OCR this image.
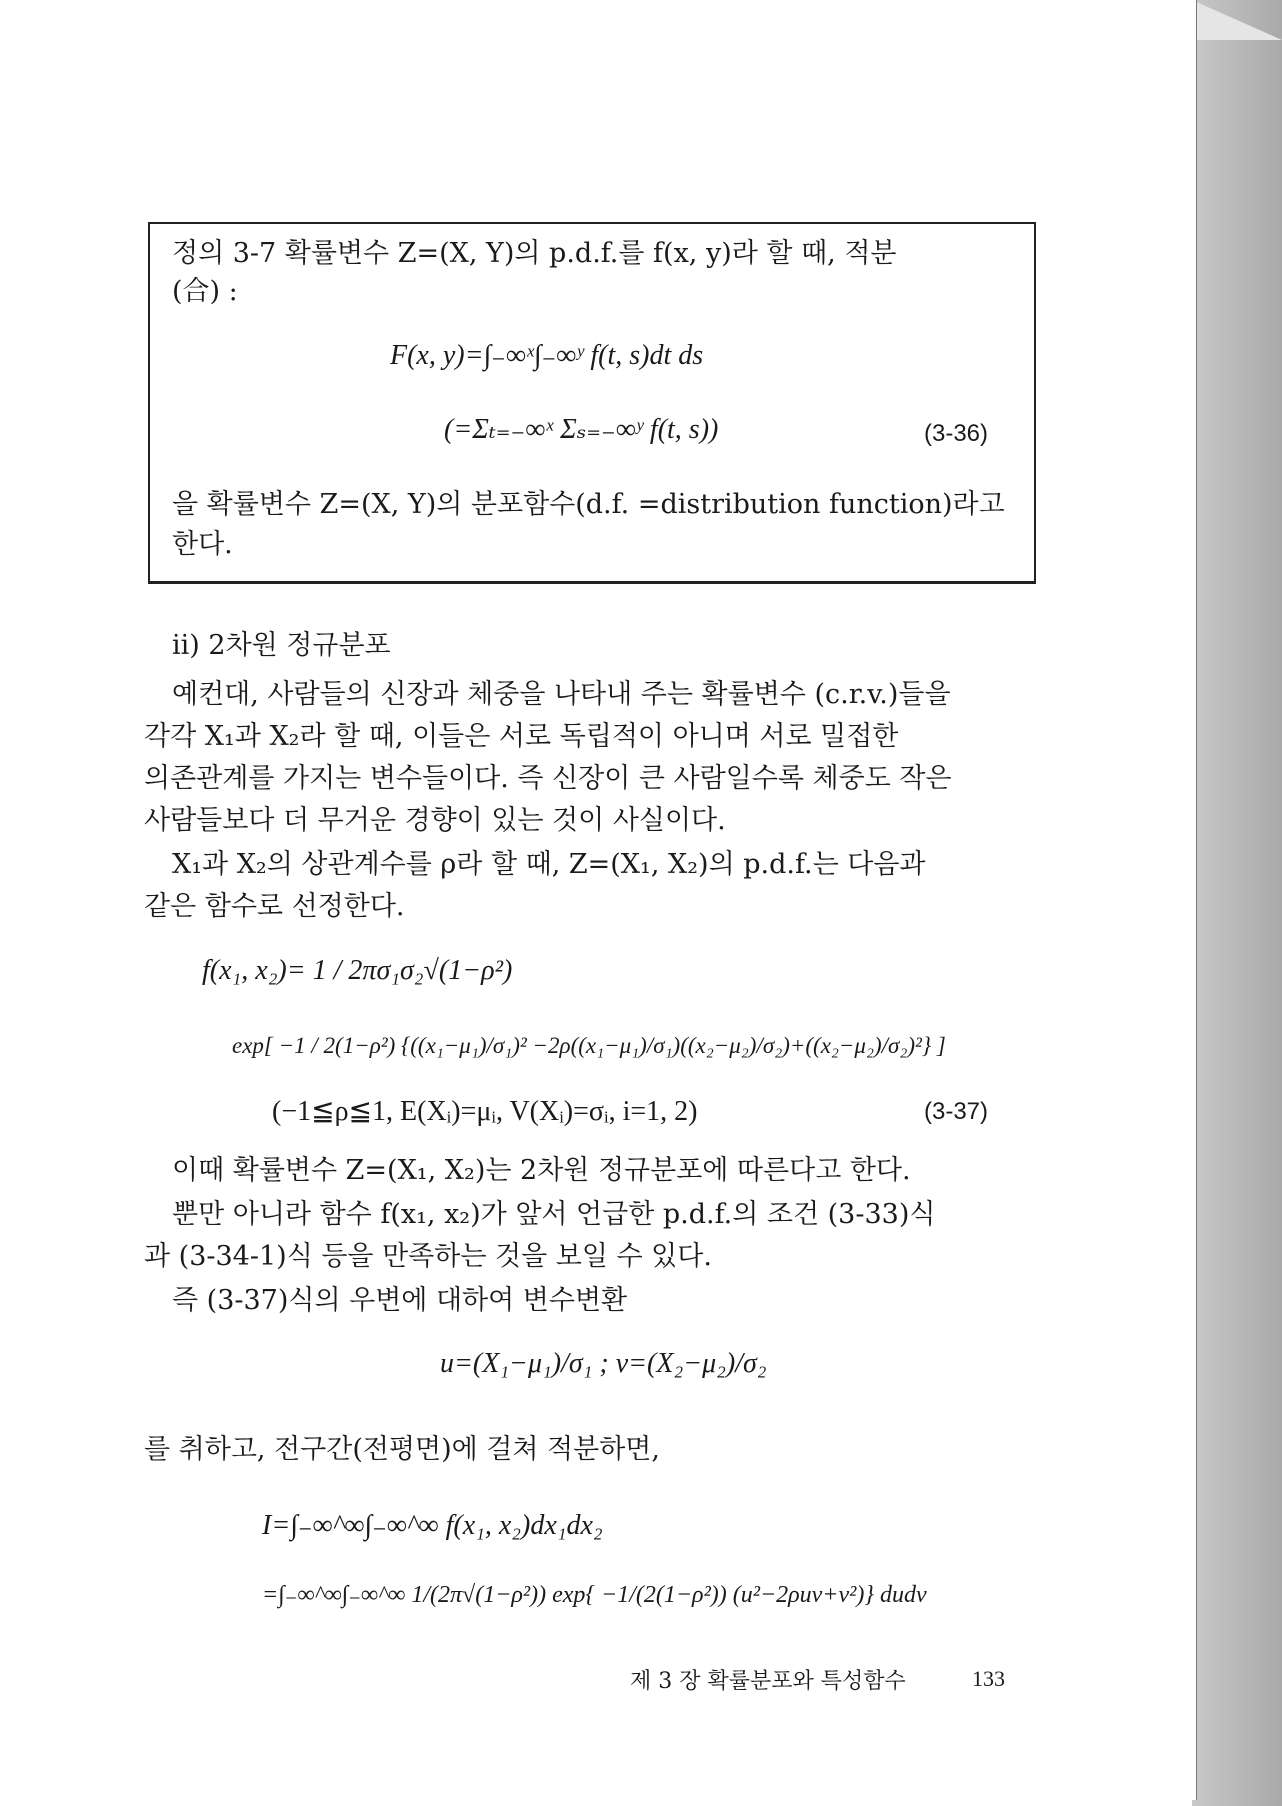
정의 3-7 확률변수 Z=(X, Y)의 p.d.f.를 f(x, y)라 할 때, 적분
(合) :
F(x, y)=∫₋∞ˣ∫₋∞ʸ f(t, s)dt ds
(=Σₜ₌₋∞ˣ Σₛ₌₋∞ʸ f(t, s))	(3-36)
을 확률변수 Z=(X, Y)의 분포함수(d.f. =distribution function)라고
한다.
ii) 2차원 정규분포
예컨대, 사람들의 신장과 체중을 나타내 주는 확률변수 (c.r.v.)들을
각각 X₁과 X₂라 할 때, 이들은 서로 독립적이 아니며 서로 밀접한
의존관계를 가지는 변수들이다. 즉 신장이 큰 사람일수록 체중도 작은
사람들보다 더 무거운 경향이 있는 것이 사실이다.
X₁과 X₂의 상관계수를 ρ라 할 때, Z=(X₁, X₂)의 p.d.f.는 다음과
같은 함수로 선정한다.
f(x₁, x₂)= 1 / 2πσ₁σ₂√(1−ρ²)
exp[ −1 / 2(1−ρ²) {((x₁−μ₁)/σ₁)² −2ρ((x₁−μ₁)/σ₁)((x₂−μ₂)/σ₂)+((x₂−μ₂)/σ₂)²} ]
(−1≦ρ≦1, E(Xᵢ)=μᵢ, V(Xᵢ)=σᵢ, i=1, 2)	(3-37)
이때 확률변수 Z=(X₁, X₂)는 2차원 정규분포에 따른다고 한다.
뿐만 아니라 함수 f(x₁, x₂)가 앞서 언급한 p.d.f.의 조건 (3-33)식
과 (3-34-1)식 등을 만족하는 것을 보일 수 있다.
즉 (3-37)식의 우변에 대하여 변수변환
u=(X₁−μ₁)/σ₁ ; v=(X₂−μ₂)/σ₂
를 취하고, 전구간(전평면)에 걸쳐 적분하면,
I=∫₋∞^∞∫₋∞^∞ f(x₁, x₂)dx₁dx₂
=∫₋∞^∞∫₋∞^∞ 1/(2π√(1−ρ²)) exp{ −1/(2(1−ρ²)) (u²−2ρuv+v²)} dudv
제 3 장 확률분포와 특성함수	133
